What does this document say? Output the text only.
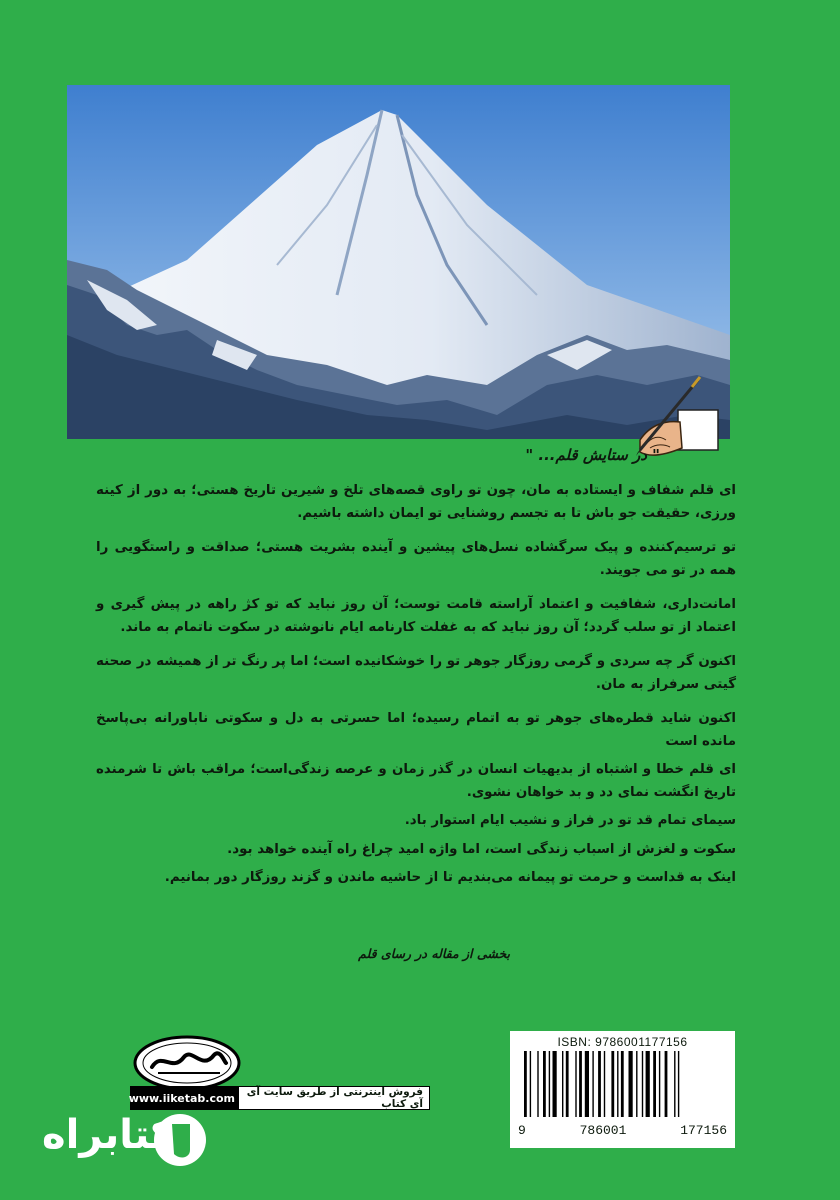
" در ستایش قلم... "

ای قلم شفاف و ایستاده به مان، چون تو راوی قصه‌های تلخ و شیرین تاریخ هستی؛ به دور از کینه ورزی، حقیقت جو باش تا به تجسم روشنایی تو ایمان داشته باشیم.

تو ترسیم‌کننده و پیک سرگشاده نسل‌های پیشین و آینده بشریت هستی؛ صداقت و راستگویی را همه در تو می جویند.

امانت‌داری، شفافیت و اعتماد آراسته قامت توست؛ آن روز نباید که تو کژ راهه در پیش گیری و اعتماد از تو سلب گردد؛ آن روز نباید که به غفلت کارنامه ایام نانوشته در سکوت ناتمام به ماند.

اکنون گر چه سردی و گرمی روزگار جوهر تو را خوشکانیده است؛ اما پر رنگ تر از همیشه در صحنه گیتی سرفراز به مان.

اکنون شاید قطره‌های جوهر تو به اتمام رسیده؛ اما حسرتی به دل و سکوتی ناباورانه بی‌پاسخ مانده است

ای قلم خطا و اشتباه از بدیهیات انسان در گذر زمان و عرصه زندگی‌است؛ مراقب باش تا شرمنده تاریخ انگشت نمای دد و بد خواهان نشوی.

سیمای تمام قد تو در فراز و نشیب ایام استوار باد.

سکوت و لغزش از اسباب زندگی است، اما واژه امید چراغ راه آینده خواهد بود.

اینک به قداست و حرمت تو پیمانه می‌بندیم تا از حاشیه ماندن و گزند روزگار دور بمانیم.

بخشی از مقاله در رسای قلم
www.iiketab.com	فروش اینترنتی از طریق سایت آی آی کتاب
ISBN: 9786001177156
9	786001	177156
کتابراه
